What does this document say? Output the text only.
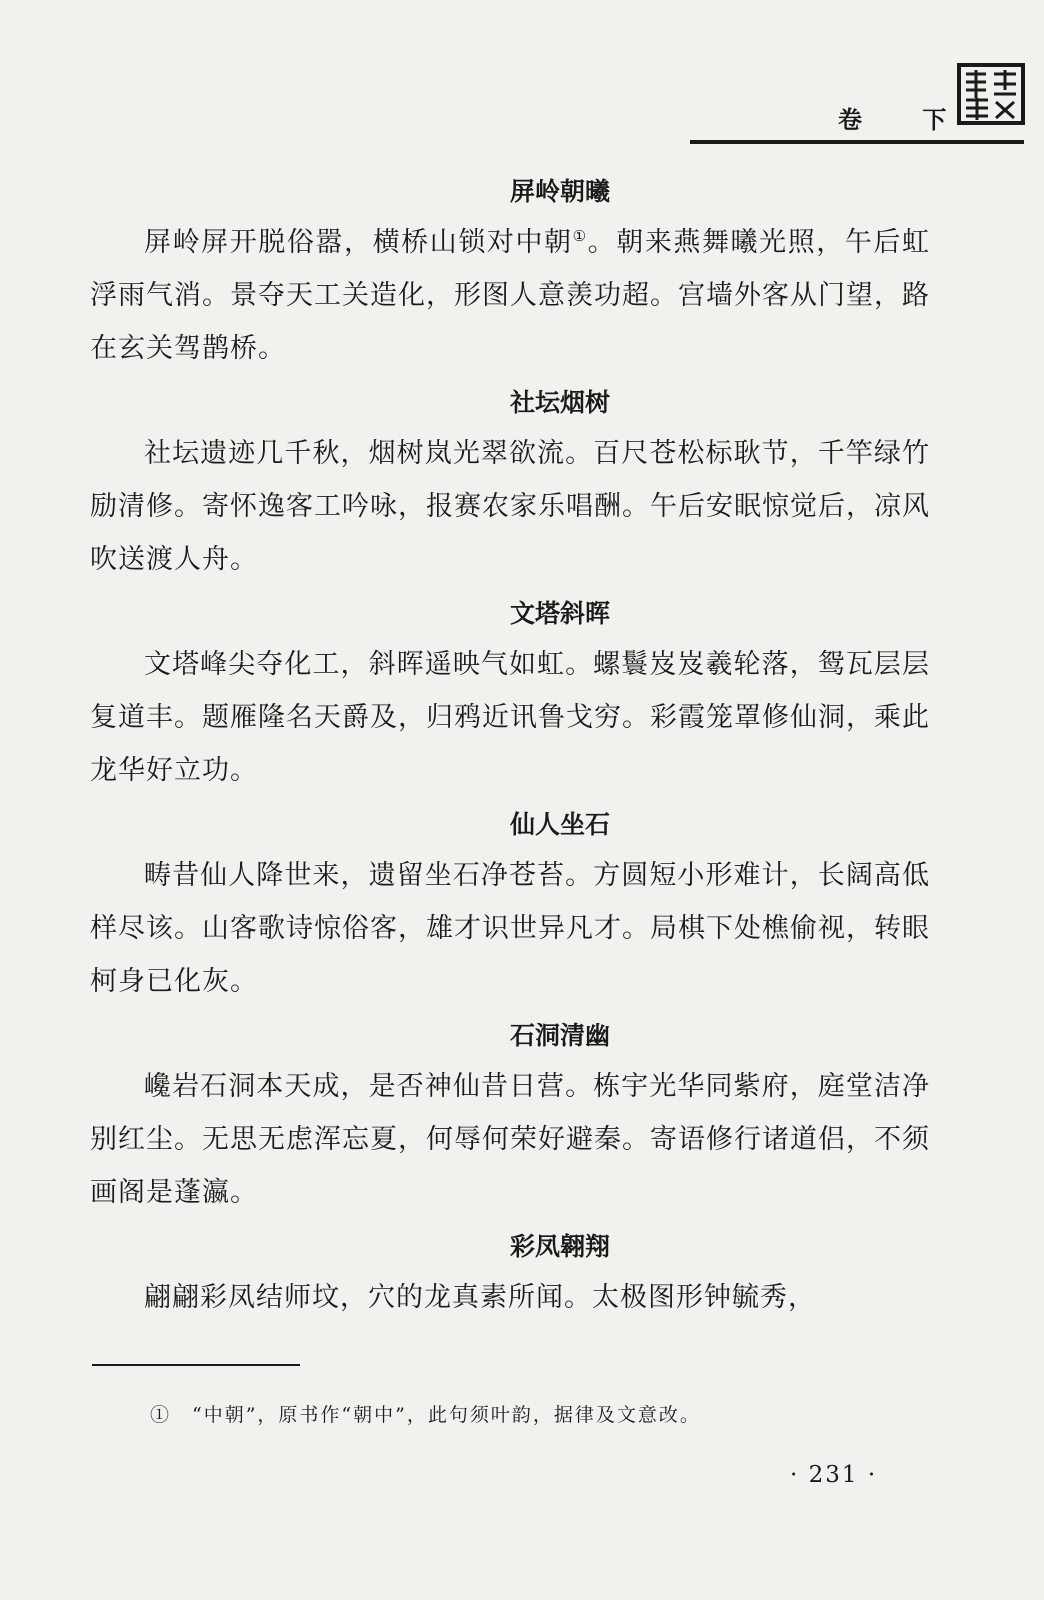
卷 下
屏岭朝曦

屏岭屏开脱俗嚣，横桥山锁对中朝①。朝来燕舞曦光照，午后虹浮雨气消。景夺天工关造化，形图人意羡功超。宫墙外客从门望，路在玄关驾鹊桥。

社坛烟树

社坛遗迹几千秋，烟树岚光翠欲流。百尺苍松标耿节，千竿绿竹励清修。寄怀逸客工吟咏，报赛农家乐唱酬。午后安眠惊觉后，凉风吹送渡人舟。

文塔斜晖

文塔峰尖夺化工，斜晖遥映气如虹。螺鬟岌岌羲轮落，鸳瓦层层复道丰。题雁隆名天爵及，归鸦近讯鲁戈穷。彩霞笼罩修仙洞，乘此龙华好立功。

仙人坐石

畴昔仙人降世来，遗留坐石净苍苔。方圆短小形难计，长阔高低样尽该。山客歌诗惊俗客，雄才识世异凡才。局棋下处樵偷视，转眼柯身已化灰。

石洞清幽

巉岩石洞本天成，是否神仙昔日营。栋宇光华同紫府，庭堂洁净别红尘。无思无虑浑忘夏，何辱何荣好避秦。寄语修行诸道侣，不须画阁是蓬瀛。

彩凤翱翔

翩翩彩凤结师坟，穴的龙真素所闻。太极图形钟毓秀，

①　“中朝”，原书作“朝中”，此句须叶韵，据律及文意改。
· 231 ·
